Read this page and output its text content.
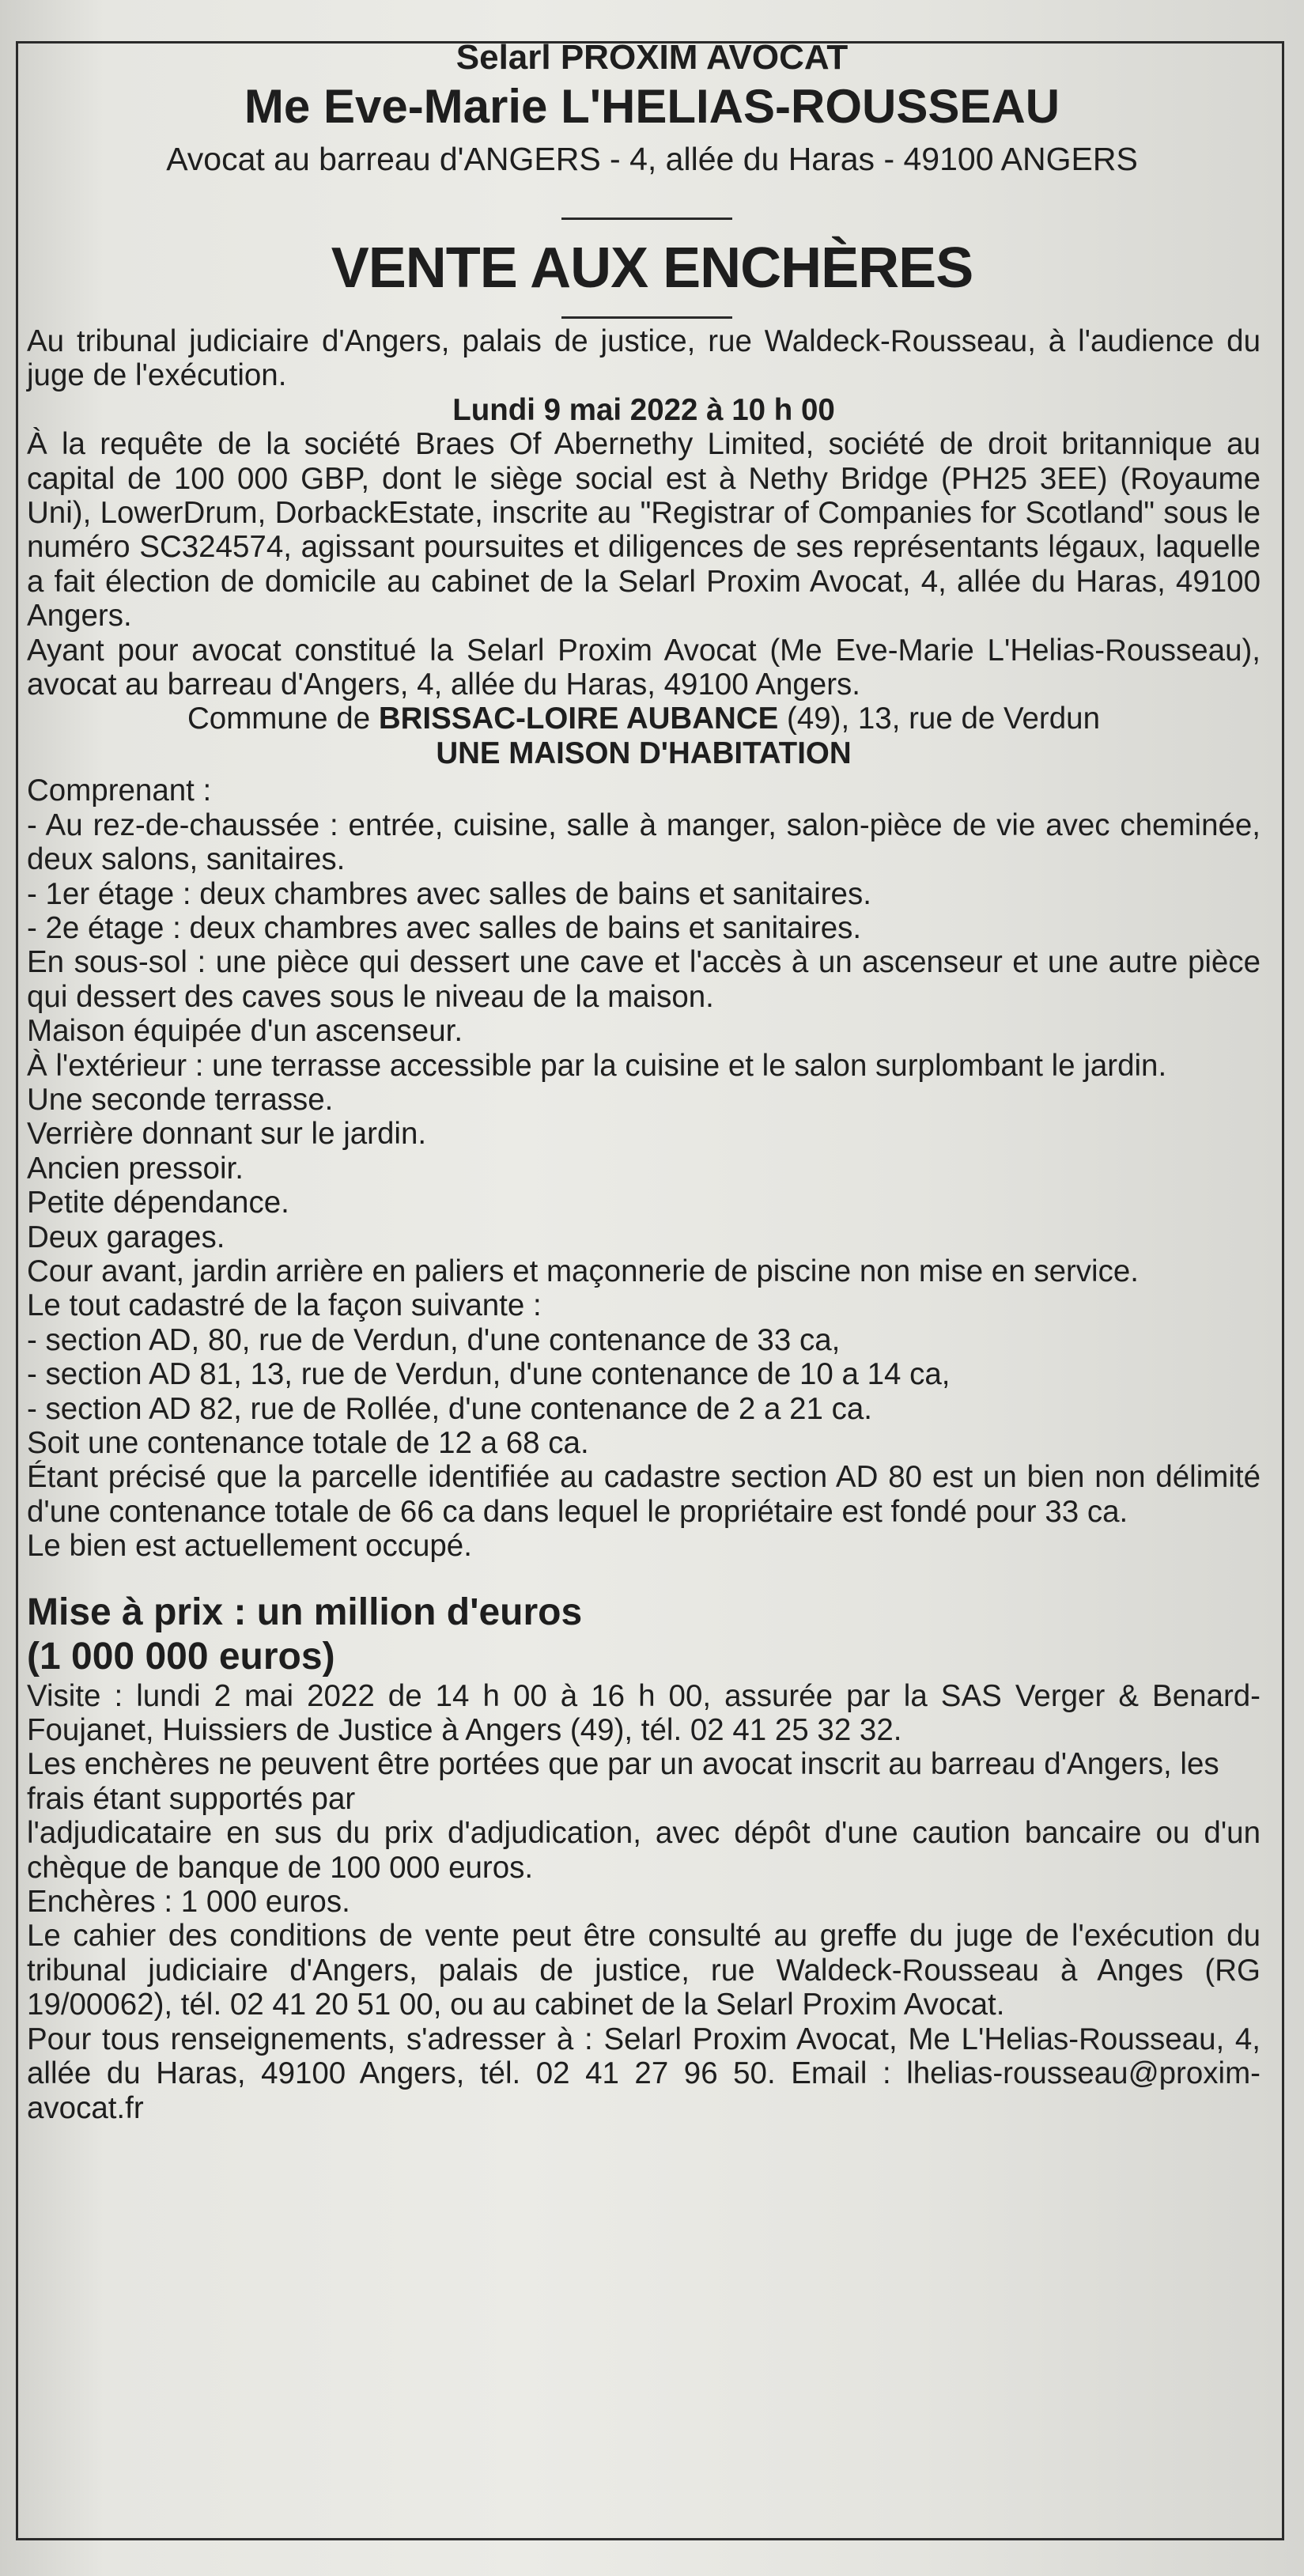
Selarl PROXIM AVOCAT
Me Eve-Marie L'HELIAS-ROUSSEAU
Avocat au barreau d'ANGERS - 4, allée du Haras - 49100 ANGERS
VENTE AUX ENCHÈRES

Au tribunal judiciaire d'Angers, palais de justice, rue Waldeck-Rousseau, à l'audience du juge de l'exécution.

Lundi 9 mai 2022 à 10 h 00

À la requête de la société Braes Of Abernethy Limited, société de droit britannique au capital de 100 000 GBP, dont le siège social est à Nethy Bridge (PH25 3EE) (Royaume Uni), LowerDrum, DorbackEstate, inscrite au "Registrar of Companies for Scotland" sous le numéro SC324574, agissant poursuites et diligences de ses représentants légaux, laquelle a fait élection de domicile au cabinet de la Selarl Proxim Avocat, 4, allée du Haras, 49100 Angers.

Ayant pour avocat constitué la Selarl Proxim Avocat (Me Eve-Marie L'Helias-Rousseau), avocat au barreau d'Angers, 4, allée du Haras, 49100 Angers.

Commune de BRISSAC-LOIRE AUBANCE (49), 13, rue de Verdun

UNE MAISON D'HABITATION

Comprenant :

- Au rez-de-chaussée : entrée, cuisine, salle à manger, salon-pièce de vie avec cheminée, deux salons, sanitaires.

- 1er étage : deux chambres avec salles de bains et sanitaires.

- 2e étage : deux chambres avec salles de bains et sanitaires.

En sous-sol : une pièce qui dessert une cave et l'accès à un ascenseur et une autre pièce qui dessert des caves sous le niveau de la maison.

Maison équipée d'un ascenseur.

À l'extérieur : une terrasse accessible par la cuisine et le salon surplombant le jardin.

Une seconde terrasse.

Verrière donnant sur le jardin.

Ancien pressoir.

Petite dépendance.

Deux garages.

Cour avant, jardin arrière en paliers et maçonnerie de piscine non mise en service.

Le tout cadastré de la façon suivante :

- section AD, 80, rue de Verdun, d'une contenance de 33 ca,

- section AD 81, 13, rue de Verdun, d'une contenance de 10 a 14 ca,

- section AD 82, rue de Rollée, d'une contenance de 2 a 21 ca.

Soit une contenance totale de 12 a 68 ca.

Étant précisé que la parcelle identifiée au cadastre section AD 80 est un bien non délimité d'une contenance totale de 66 ca dans lequel le propriétaire est fondé pour 33 ca.

Le bien est actuellement occupé.

Mise à prix : un million d'euros

(1 000 000 euros)

Visite : lundi 2 mai 2022 de 14 h 00 à 16 h 00, assurée par la SAS Verger & Benard-Foujanet, Huissiers de Justice à Angers (49), tél. 02 41 25 32 32.

Les enchères ne peuvent être portées que par un avocat inscrit au barreau d'Angers, les frais étant supportés par

l'adjudicataire en sus du prix d'adjudication, avec dépôt d'une caution bancaire ou d'un chèque de banque de 100 000 euros.

Enchères : 1 000 euros.

Le cahier des conditions de vente peut être consulté au greffe du juge de l'exécution du tribunal judiciaire d'Angers, palais de justice, rue Waldeck-Rousseau à Anges (RG 19/00062), tél. 02 41 20 51 00, ou au cabinet de la Selarl Proxim Avocat.

Pour tous renseignements, s'adresser à : Selarl Proxim Avocat, Me L'Helias-Rousseau, 4, allée du Haras, 49100 Angers, tél. 02 41 27 96 50. Email : lhelias-rousseau@proxim-avocat.fr
